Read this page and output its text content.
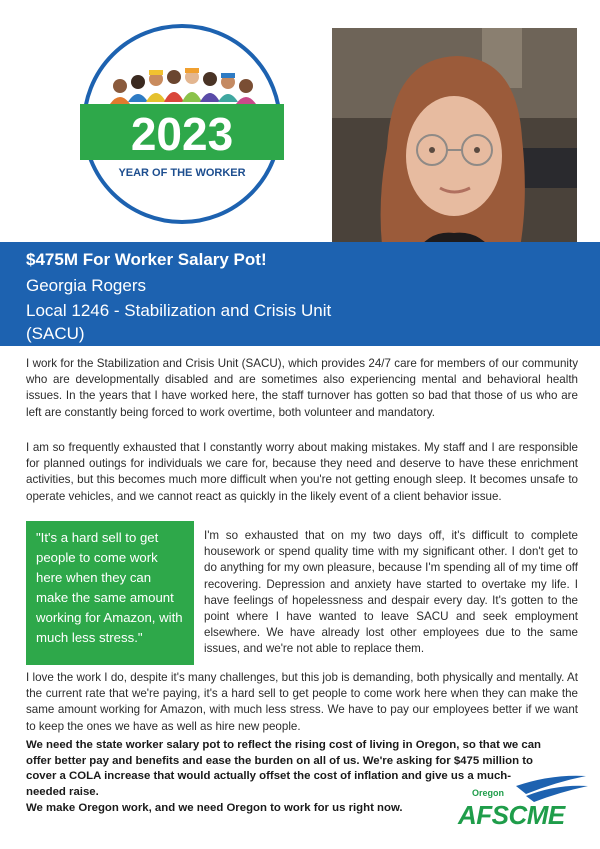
2023
YEAR OF THE WORKER
$475M For Worker Salary Pot!
Georgia Rogers
Local 1246 - Stabilization and Crisis Unit (SACU)

I work for the Stabilization and Crisis Unit (SACU), which provides 24/7 care for members of our community who are developmentally disabled and are sometimes also experiencing mental and behavioral health issues. In the years that I have worked here, the staff turnover has gotten so bad that those of us who are left are constantly being forced to work overtime, both volunteer and mandatory.

I am so frequently exhausted that I constantly worry about making mistakes. My staff and I are responsible for planned outings for individuals we care for, because they need and deserve to have these enrichment activities, but this becomes much more difficult when you're not getting enough sleep. It becomes unsafe to operate vehicles, and we cannot react as quickly in the likely event of a client behavior issue.

"It's a hard sell to get people to come work here when they can make the same amount working for Amazon, with much less stress."

I'm so exhausted that on my two days off, it's difficult to complete housework or spend quality time with my significant other. I don't get to do anything for my own pleasure, because I'm spending all of my time off recovering. Depression and anxiety have started to overtake my life. I have feelings of hopelessness and despair every day. It's gotten to the point where I have wanted to leave SACU and seek employment elsewhere. We have already lost other employees due to the same issues, and we're not able to replace them.

I love the work I do, despite it's many challenges, but this job is demanding, both physically and mentally. At the current rate that we're paying, it's a hard sell to get people to come work here when they can make the same amount working for Amazon, with much less stress. We have to pay our employees better if we want to keep the ones we have as well as hire new people.

We need the state worker salary pot to reflect the rising cost of living in Oregon, so that we can offer better pay and benefits and ease the burden on all of us. We're asking for $475 million to cover a COLA increase that would actually offset the cost of inflation and give us a much-needed raise.

We make Oregon work, and we need Oregon to work for us right now.

Oregon
AFSCME
